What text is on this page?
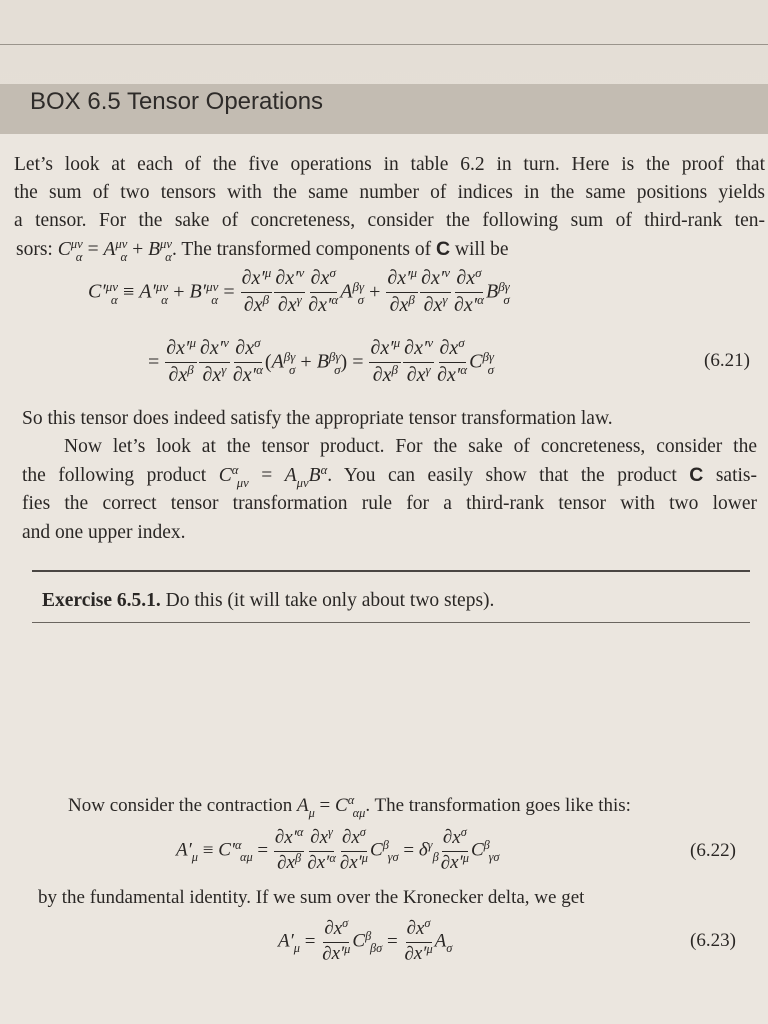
BOX 6.5 Tensor Operations
Let’s look at each of the five operations in table 6.2 in turn. Here is the proof that
the sum of two tensors with the same number of indices in the same positions yields
a tensor. For the sake of concreteness, consider the following sum of third-rank ten-
sors: C μν
  α = A μν
  α + B μν
  α . The transformed components of C will be
C′ μν
  α ≡ A′ μν
  α + B′ μν
  $\alpha = \frac{\partial x' \mu}{\text{∂x β}}$
$\frac{\partial x' \nu}{\text{∂x γ}}$
$\frac{\text{∂x σ}}{\partial x' \alpha}$
A βγ
  $\sigma + \frac{\partial x' \mu}{\text{∂x β}}$
$\frac{\partial x' \nu}{\text{∂x γ}}$
$\frac{\text{∂x σ}}{\partial x' \alpha}$
B βγ
  σ
= $\frac{\partial x' \mu}{\text{∂x β}}$
$\frac{\partial x' \nu}{\text{∂x γ}}$
$\frac{\text{∂x σ}}{\partial x' \alpha}$
( A βγ
  σ + B βγ
  σ ) = $\frac{\partial x' \mu}{\text{∂x β}}$
$\frac{\partial x' \nu}{\text{∂x γ}}$
$\frac{\text{∂x σ}}{\partial x' \alpha}$
C βγ
  σ	(6.21)
So this tensor does indeed satisfy the appropriate tensor transformation law.
Now let’s look at the tensor product. For the sake of concreteness, consider the
the following product C α
  μν = A
μν B α
. You can easily show that the product C satis-
fies the correct tensor transformation rule for a third-rank tensor with two lower
and one upper index.
Exercise 6.5.1. Do this (it will take only about two steps).
Now consider the contraction A
μ = C α
  αμ . The transformation goes like this:
A′
μ ≡ C′ α
  $\alpha\mu = \frac{\partial x' \alpha}{\text{∂x β}}$
$\frac{\text{∂x γ}}{\partial x' \alpha}$
$\frac{\text{∂x σ}}{\partial x' \mu}$
C β
  γσ = δ γ
  β $\frac{\text{∂x σ}}{\partial x' \mu}$
C β
  γσ	(6.22)
by the fundamental identity. If we sum over the Kronecker delta, we get
A′
$\mu = \frac{\text{∂x σ}}{\partial x' \mu}$
C β
  $\beta\sigma = \frac{\text{∂x σ}}{\partial x' \mu}$
A
σ	(6.23)
